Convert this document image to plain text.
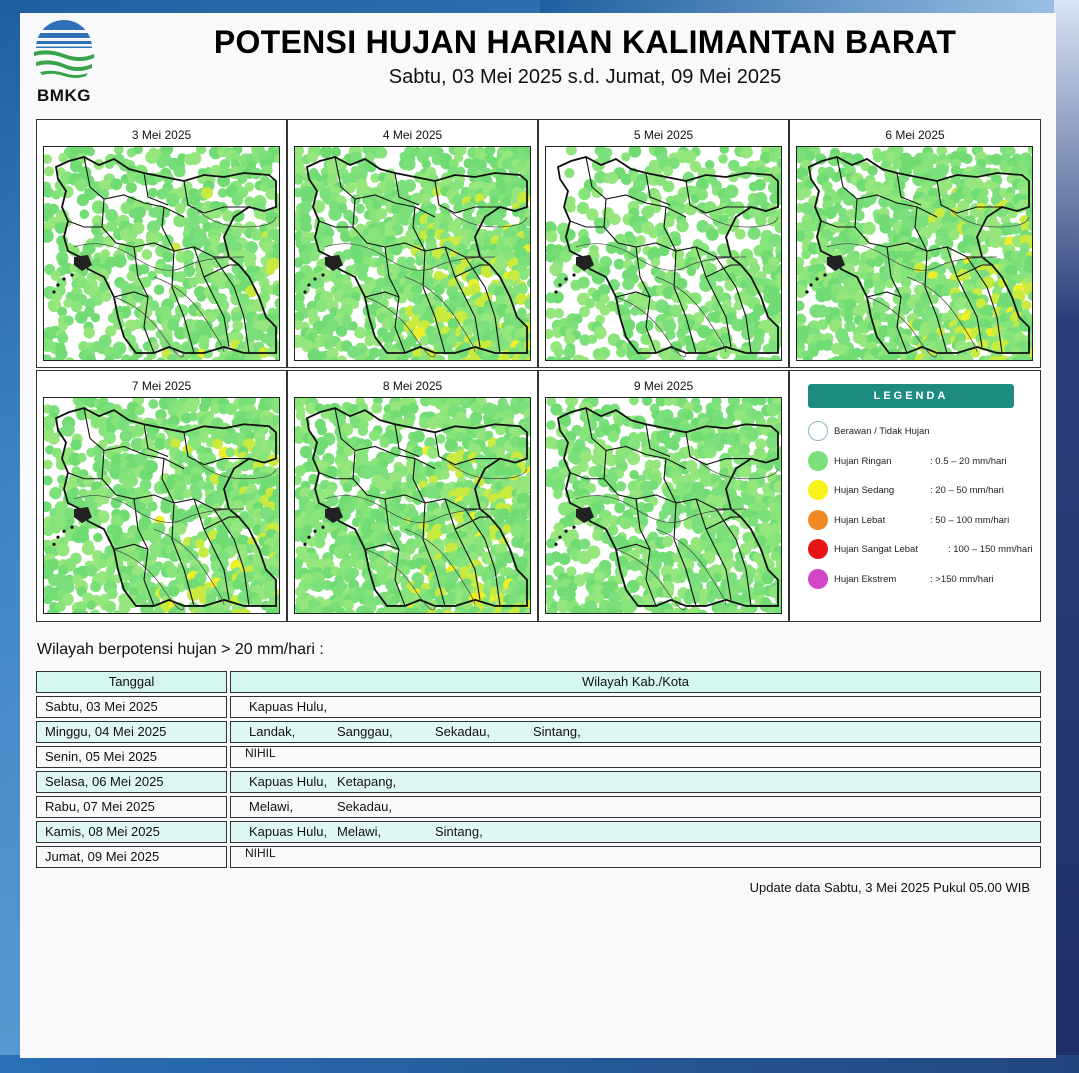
BMKG
POTENSI HUJAN HARIAN KALIMANTAN BARAT
Sabtu, 03 Mei 2025 s.d. Jumat, 09 Mei 2025
3 Mei 2025	4 Mei 2025	5 Mei 2025	6 Mei 2025
7 Mei 2025	8 Mei 2025	9 Mei 2025
LEGENDA
Berawan / Tidak Hujan
Hujan Ringan	: 0.5 – 20 mm/hari
Hujan Sedang	: 20 – 50 mm/hari
Hujan Lebat	: 50 – 100 mm/hari
Hujan Sangat Lebat	: 100 – 150 mm/hari
Hujan Ekstrem	: >150 mm/hari
Wilayah berpotensi hujan > 20 mm/hari :
Tanggal	Wilayah Kab./Kota
Sabtu, 03 Mei 2025	Kapuas Hulu,
Minggu, 04 Mei 2025	Landak,	Sanggau,	Sekadau,	Sintang,
Senin, 05 Mei 2025	NIHIL
Selasa, 06 Mei 2025	Kapuas Hulu, Ketapang,
Rabu, 07 Mei 2025	Melawi,	Sekadau,
Kamis, 08 Mei 2025	Kapuas Hulu, Melawi,	Sintang,
Jumat, 09 Mei 2025	NIHIL
Update data Sabtu, 3 Mei 2025 Pukul 05.00 WIB
